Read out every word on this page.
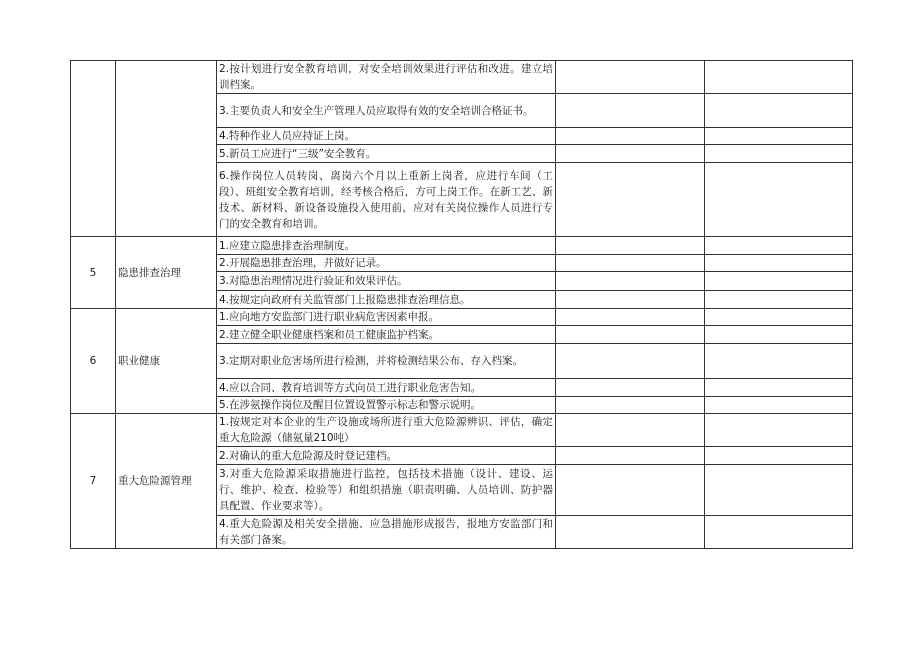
		2.按计划进行安全教育培训，对安全培训效果进行评估和改进。建立培训档案。		
		3.主要负责人和安全生产管理人员应取得有效的安全培训合格证书。		
		4.特种作业人员应持证上岗。		
		5.新员工应进行“三级”安全教育。		
		6.操作岗位人员转岗、离岗六个月以上重新上岗者，应进行车间（工段）、班组安全教育培训，经考核合格后，方可上岗工作。在新工艺、新技术、新材料、新设备设施投入使用前，应对有关岗位操作人员进行专门的安全教育和培训。		
5	隐患排查治理	1.应建立隐患排查治理制度。		
		2.开展隐患排查治理，并做好记录。		
		3.对隐患治理情况进行验证和效果评估。		
		4.按规定向政府有关监管部门上报隐患排查治理信息。		
6	职业健康	1.应向地方安监部门进行职业病危害因素申报。		
		2.建立健全职业健康档案和员工健康监护档案。		
		3.定期对职业危害场所进行检测，并将检测结果公布、存入档案。		
		4.应以合同、教育培训等方式向员工进行职业危害告知。		
		5.在涉氨操作岗位及醒目位置设置警示标志和警示说明。		
7	重大危险源管理	1.按规定对本企业的生产设施或场所进行重大危险源辨识、评估，确定重大危险源（储氨量210吨）		
		2.对确认的重大危险源及时登记建档。		
		3.对重大危险源采取措施进行监控，包括技术措施（设计、建设、运行、维护、检查、检验等）和组织措施（职责明确、人员培训、防护器具配置、作业要求等）。		
		4.重大危险源及相关安全措施、应急措施形成报告，报地方安监部门和有关部门备案。		
